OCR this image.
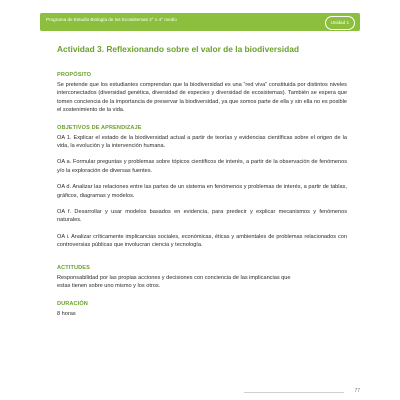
Programa de Estudio Biología de los Ecosistemas 3° o 4° medio
Unidad 1
Actividad 3. Reflexionando sobre el valor de la biodiversidad
PROPÓSITO

Se pretende que los estudiantes comprendan que la biodiversidad es una “red viva” constituida por distintos niveles interconectados (diversidad genética, diversidad de especies y diversidad de ecosistemas). También se espera que tomen conciencia de la importancia de preservar la biodiversidad, ya que somos parte de ella y sin ella no es posible el sostenimiento de la vida.

OBJETIVOS DE APRENDIZAJE

OA 1. Explicar el estado de la biodiversidad actual a partir de teorías y evidencias científicas sobre el origen de la vida, la evolución y la intervención humana.

OA a. Formular preguntas y problemas sobre tópicos científicos de interés, a partir de la observación de fenómenos y/o la exploración de diversas fuentes.

OA d. Analizar las relaciones entre las partes de un sistema en fenómenos y problemas de interés, a partir de tablas, gráficos, diagramas y modelos.

OA f. Desarrollar y usar modelos basados en evidencia, para predecir y explicar mecanismos y fenómenos naturales.

OA i. Analizar críticamente implicancias sociales, económicas, éticas y ambientales de problemas relacionados con controversias públicas que involucran ciencia y tecnología.

ACTITUDES

Responsabilidad por las propias acciones y decisiones con conciencia de las implicancias que
estas tienen sobre uno mismo y los otros.

DURACIÓN

8 horas

77
